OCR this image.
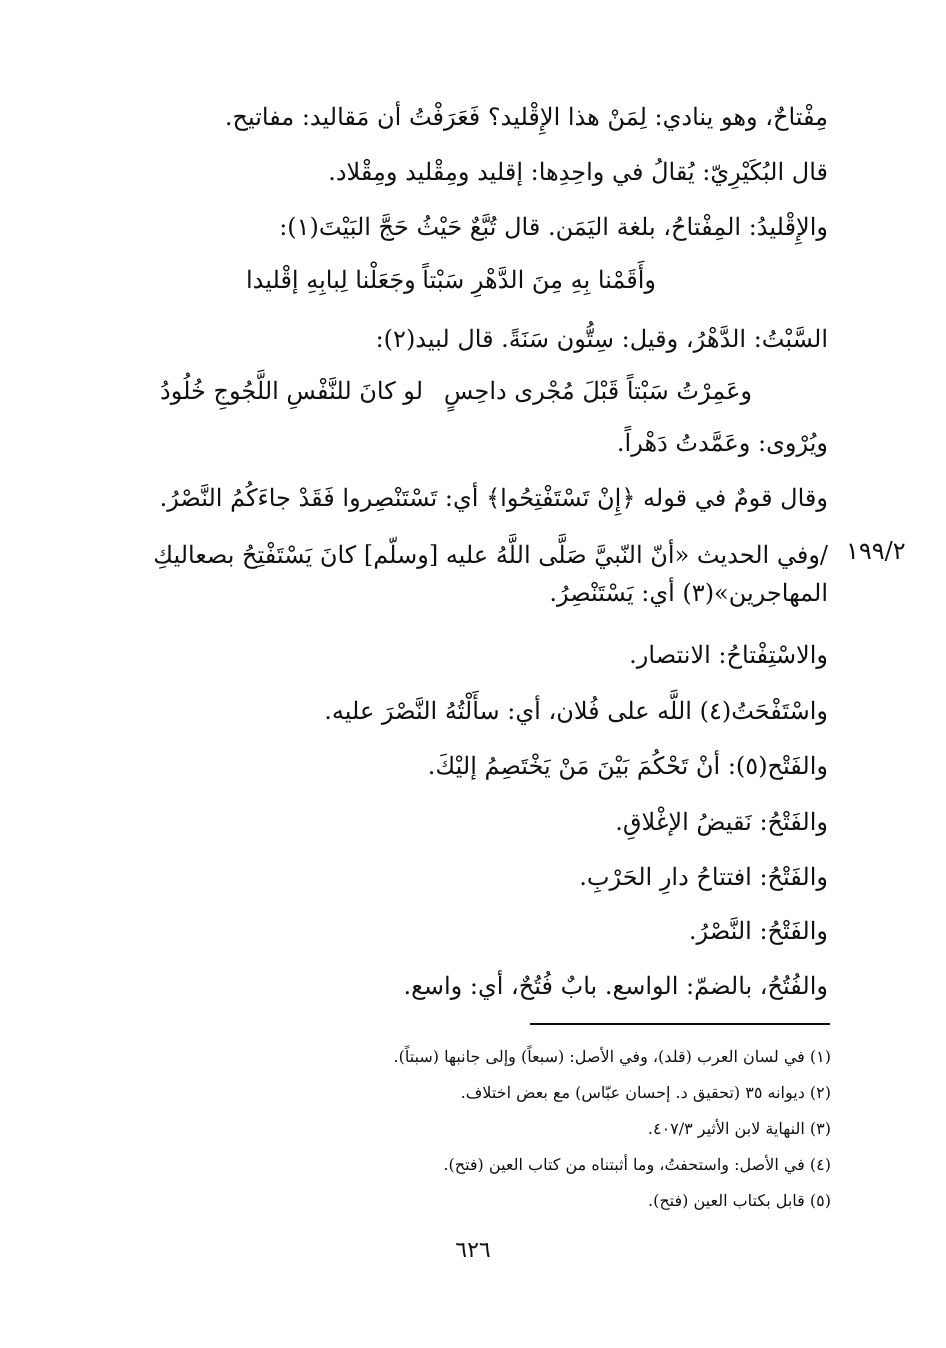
مِفْتاحٌ، وهو ينادي: لِمَنْ هذا الإِقْليد؟ فَعَرَفْتُ أن مَقاليد: مفاتيح.
قال البُكَيْرِيّ: يُقالُ في واحِدِها: إقليد ومِقْليد ومِقْلاد.
والإِقْليدُ: المِفْتاحُ، بلغة اليَمَن. قال تُبَّعٌ حَيْثُ حَجَّ البَيْتَ(١):
وأَقَمْنا بِهِ مِنَ الدَّهْرِ سَبْتاً
وجَعَلْنا لِبابِهِ إقْليدا
السَّبْتُ: الدَّهْرُ، وقيل: سِتُّون سَنَةً. قال لبيد(٢):
وعَمِرْتُ سَبْتاً قَبْلَ مُجْرى داحِسٍ
لو كانَ للنَّفْسِ اللَّجُوجِ خُلُودُ
ويُرْوى: وعَمَّدتُ دَهْراً.
وقال قومٌ في قوله ﴿إِنْ تَسْتَفْتِحُوا﴾ أي: تَسْتَنْصِروا فَقَدْ جاءَكُمُ النَّصْرُ.
١٩٩/٢
/وفي الحديث «أنّ النّبيَّ صَلَّى اللَّهُ عليه [وسلّم] كانَ يَسْتَفْتِحُ بصعاليكِ
المهاجرين»(٣) أي: يَسْتَنْصِرُ.
والاسْتِفْتاحُ: الانتصار.
واسْتَفْحَتُ(٤) اللَّه على فُلان، أي: سأَلْتُهُ النَّصْرَ عليه.
والفَتْح(٥): أنْ تَحْكُمَ بَيْنَ مَنْ يَخْتَصِمُ إليْكَ.
والفَتْحُ: نَقيضُ الإغْلاقِ.
والفَتْحُ: افتتاحُ دارِ الحَرْبِ.
والفَتْحُ: النَّصْرُ.
والفُتُحُ، بالضمّ: الواسع. بابٌ فُتُحٌ، أي: واسع.
(١) في لسان العرب (قلد)، وفي الأصل: (سبعاً) وإلى جانبها (سبتاً).
(٢) ديوانه ٣٥ (تحقيق د. إحسان عبّاس) مع بعض اختلاف.
(٣) النهاية لابن الأثير ٤٠٧/٣.
(٤) في الأصل: واستحفتُ، وما أثبتناه من كتاب العين (فتح).
(٥) قابل بكتاب العين (فتح).
٦٢٦
